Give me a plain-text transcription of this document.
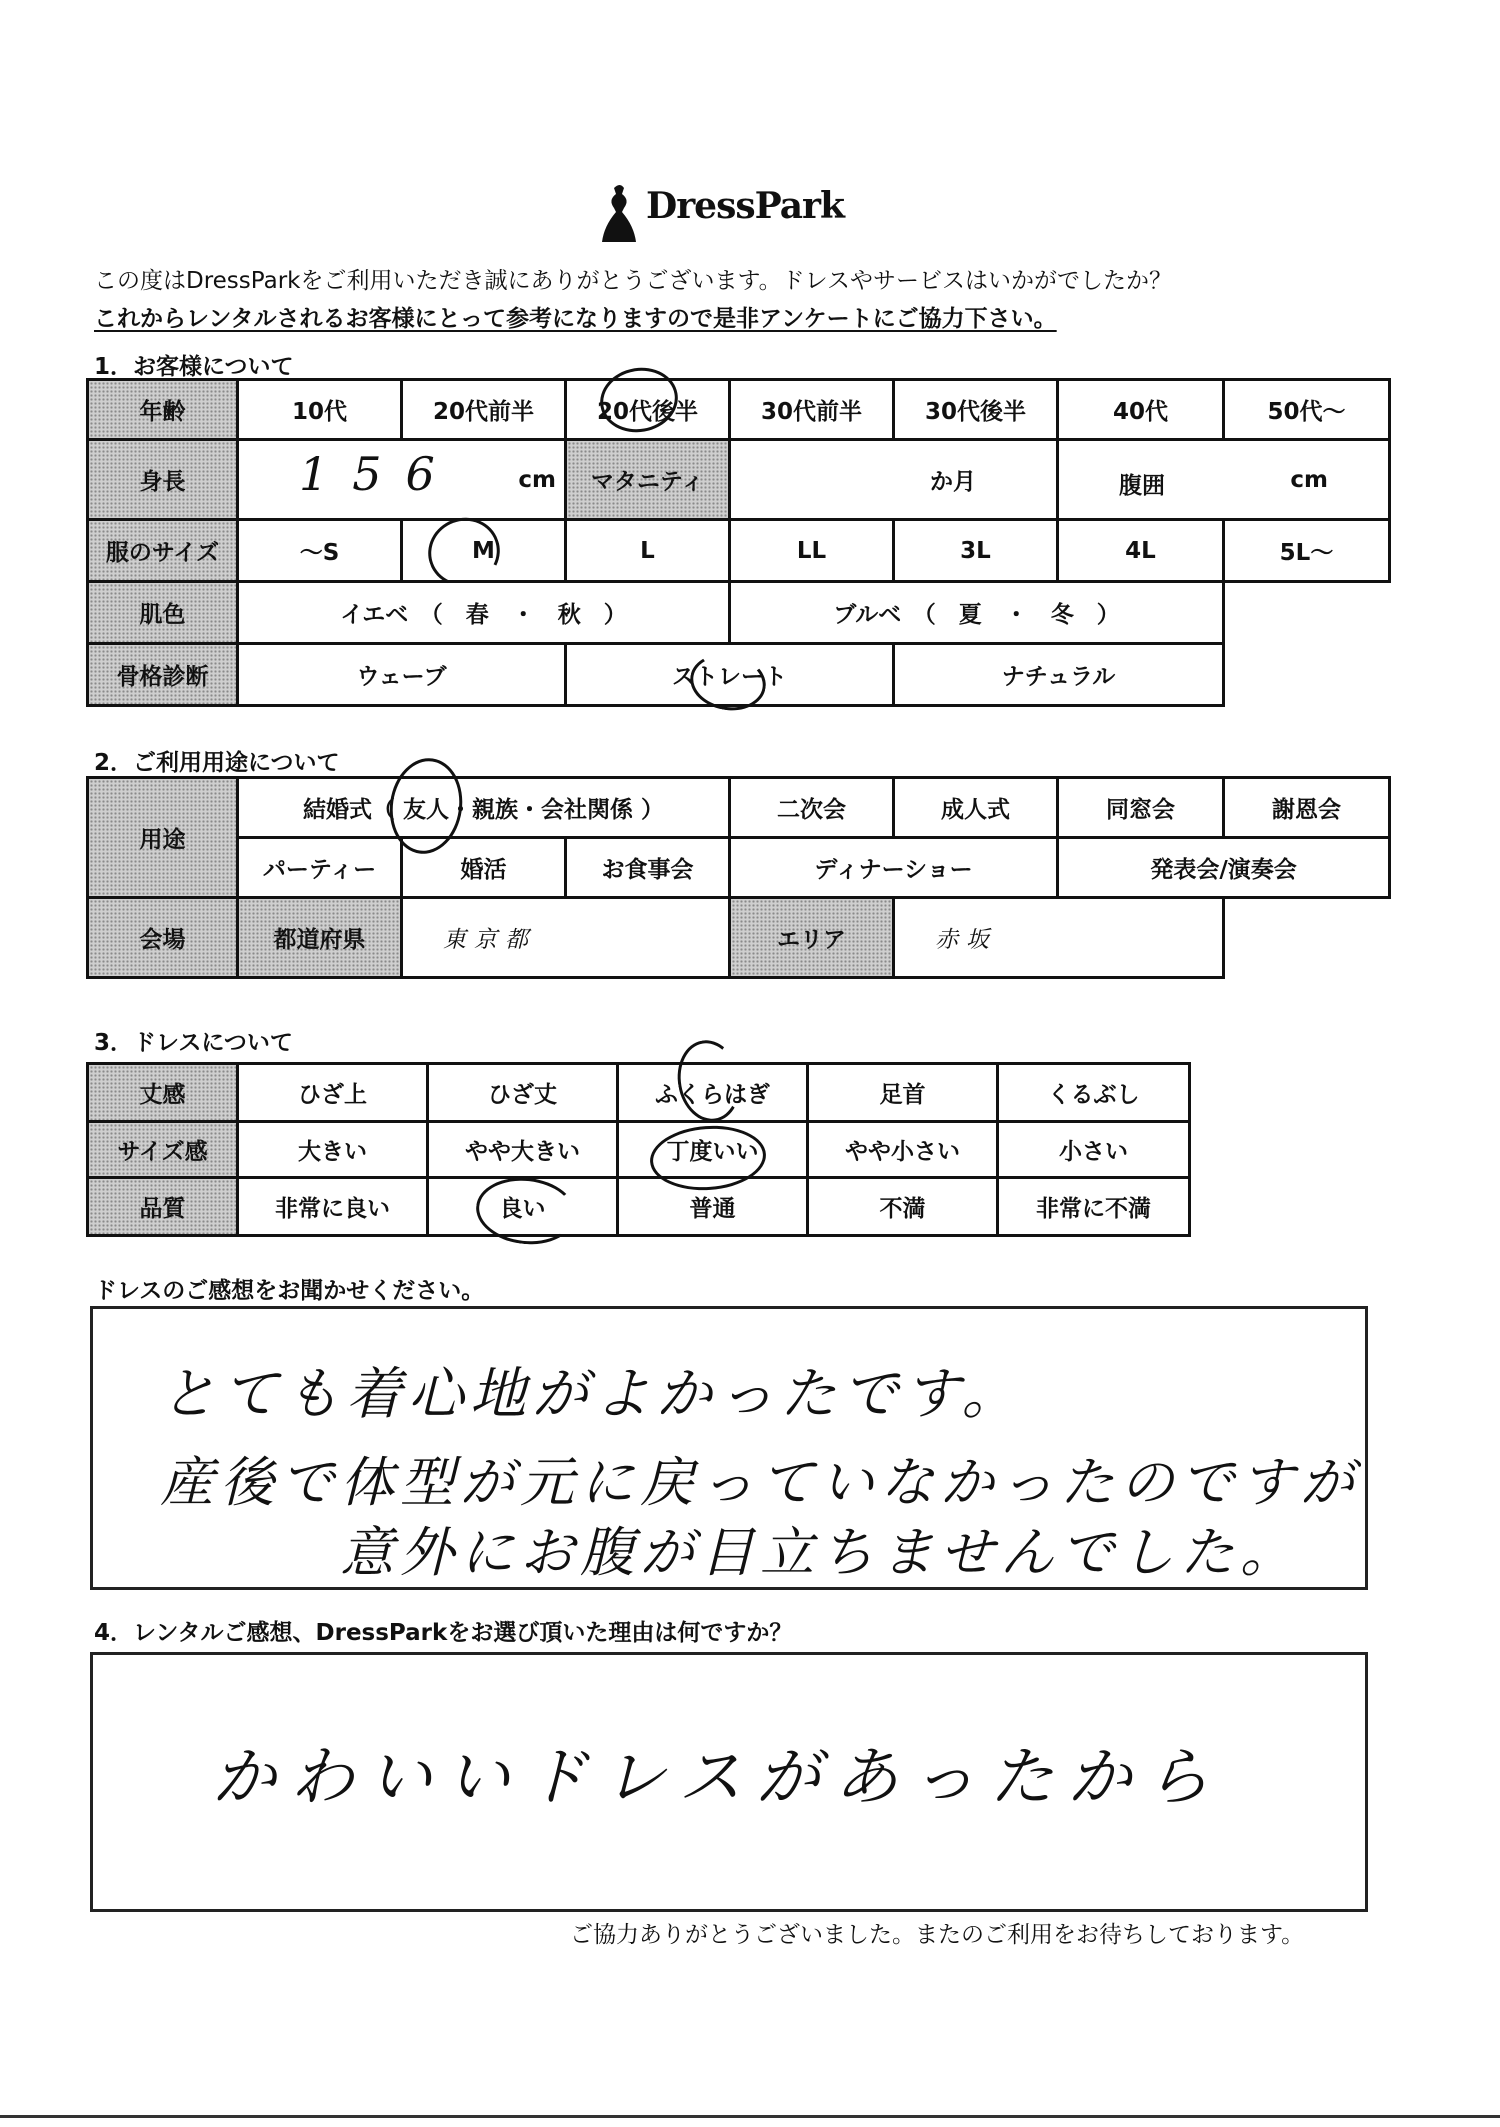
DressPark
この度はDressParkをご利用いただき誠にありがとうございます。ドレスやサービスはいかがでしたか？
これからレンタルされるお客様にとって参考になりますので是非アンケートにご協力下さい。
1．お客様について
年齢	10代	20代前半	20代後半	30代前半	30代後半	40代	50代～
身長	156 cm		マタニティ	か月		腹囲 cm	

服のサイズ	～S	M	L	LL	3L	4L	5L～
肌色	イエベ　（　春　・　秋　）			ブルベ　（　夏　・　冬　）			
骨格診断	ウェーブ		ストレート		ナチュラル		
2．ご利用用途について
用途	結婚式（ 友人・親族・会社関係 ）			二次会	成人式	同窓会	謝恩会
	パーティー	婚活	お食事会	ディナーショー		発表会/演奏会	
会場	都道府県	東京都		エリア	赤坂		
3．ドレスについて
丈感	ひざ上	ひざ丈	ふくらはぎ	足首	くるぶし
サイズ感	大きい	やや大きい	丁度いい	やや小さい	小さい
品質	非常に良い	良い	普通	不満	非常に不満
ドレスのご感想をお聞かせください。
とても着心地がよかったです。
産後で体型が元に戻っていなかったのですが
意外にお腹が目立ちませんでした。
4．レンタルご感想、DressParkをお選び頂いた理由は何ですか？
かわいいドレスがあったから
ご協力ありがとうございました。またのご利用をお待ちしております。
